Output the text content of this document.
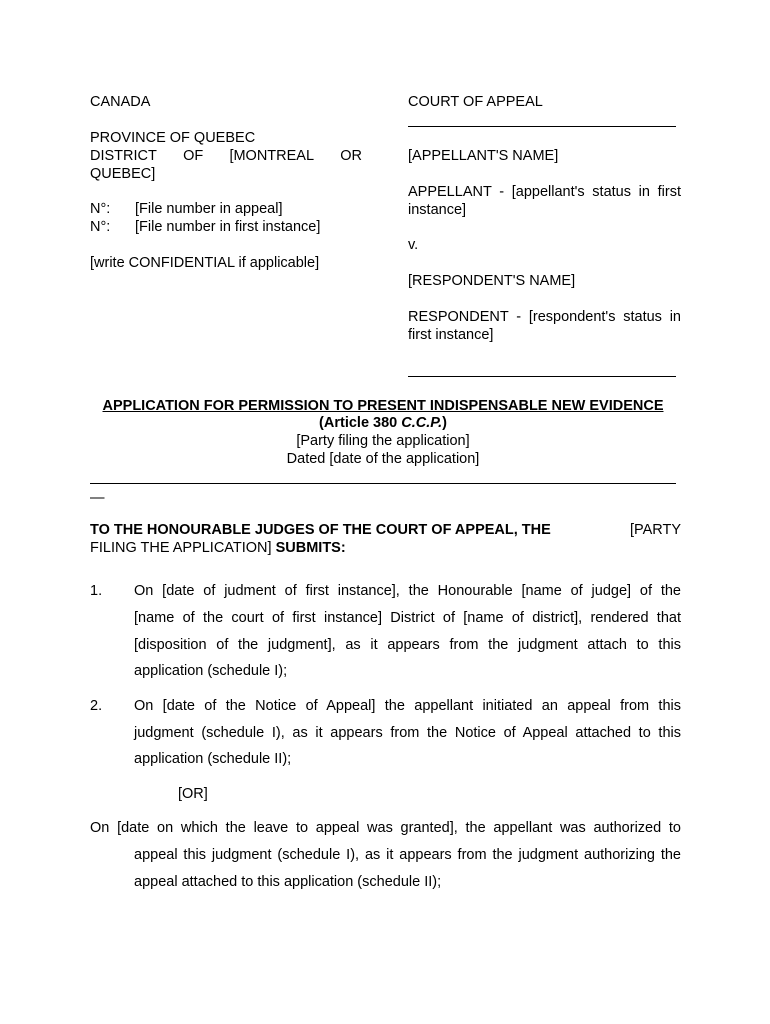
CANADA
PROVINCE OF QUEBEC
DISTRICT OF [MONTREAL OR
QUEBEC]
N°: [File number in appeal]
N°: [File number in first instance]
[write CONFIDENTIAL if applicable]
COURT OF APPEAL
[APPELLANT'S NAME]
APPELLANT - [appellant's status in first
instance]
v.
[RESPONDENT'S NAME]
RESPONDENT - [respondent's status in
first instance]
APPLICATION FOR PERMISSION TO PRESENT INDISPENSABLE NEW EVIDENCE
(Article 380 C.C.P.)
[Party filing the application]
Dated [date of the application]
—
TO THE HONOURABLE JUDGES OF THE COURT OF APPEAL, THE	[PARTY
FILING THE APPLICATION] SUBMITS:
1. On [date of judment of first instance], the Honourable [name of judge] of the
[name of the court of first instance] District of [name of district], rendered that
[disposition of the judgment], as it appears from the judgment attach to this
application (schedule I);
2. On [date of the Notice of Appeal] the appellant initiated an appeal from this
judgment (schedule I), as it appears from the Notice of Appeal attached to this
application (schedule II);
[OR]
On [date on which the leave to appeal was granted], the appellant was authorized to
appeal this judgment (schedule I), as it appears from the judgment authorizing the
appeal attached to this application (schedule II);
